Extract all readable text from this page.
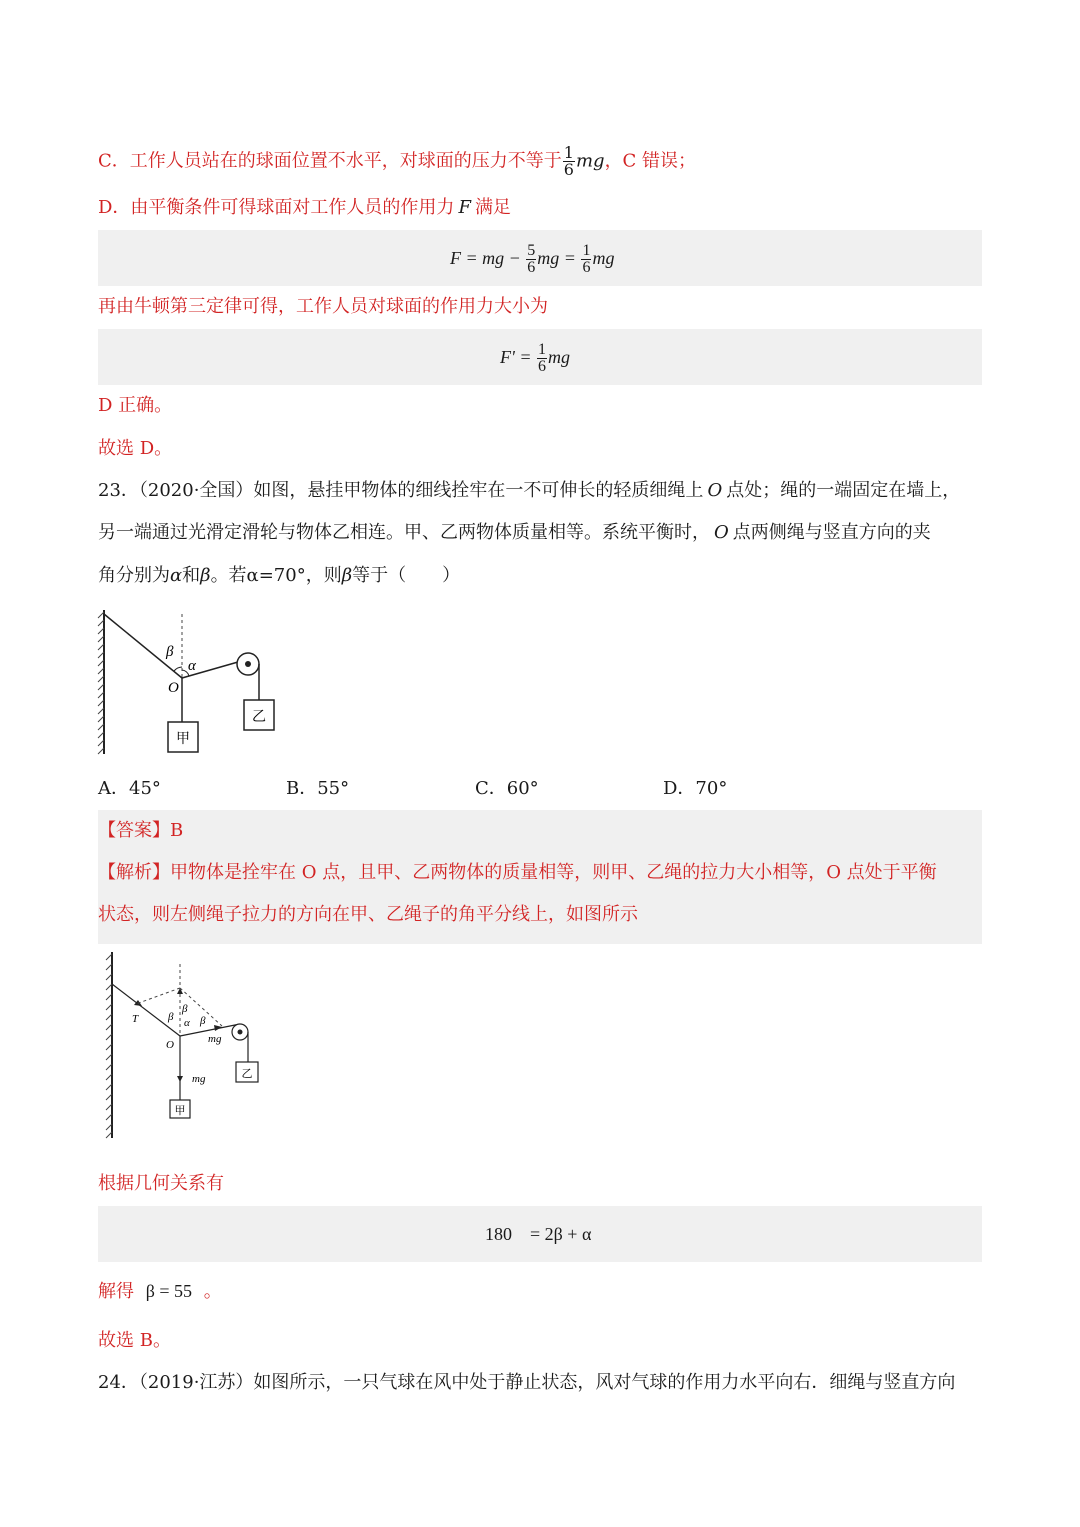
C．工作人员站在的球面位置不水平，对球面的压力不等于 $\frac{1}{6}$ mg，C 错误；
D．由平衡条件可得球面对工作人员的作用力 F 满足
F = mg − $\frac{5}{6}$ mg = $\frac{1}{6}$ mg
再由牛顿第三定律可得，工作人员对球面的作用力大小为
$F' = \frac{1}{6}$ mg
D 正确。
故选 D。
23．（2020·全国）如图，悬挂甲物体的细线拴牢在一不可伸长的轻质细绳上 O 点处；绳的一端固定在墙上，
另一端通过光滑定滑轮与物体乙相连。甲、乙两物体质量相等。系统平衡时， O 点两侧绳与竖直方向的夹
角分别为α和β。若α=70°，则β等于（　　）
β
α
O
乙
甲
A．45°	B．55°	C．60°	D．70°
【答案】B
【解析】甲物体是拴牢在 O 点，且甲、乙两物体的质量相等，则甲、乙绳的拉力大小相等，O 点处于平衡
状态，则左侧绳子拉力的方向在甲、乙绳子的角平分线上，如图所示
T
β
β α β
O	mg
mg	乙
甲
根据几何关系有
180　= 2β + α
解得 β = 55 。
故选 B。
24．（2019·江苏）如图所示，一只气球在风中处于静止状态，风对气球的作用力水平向右．细绳与竖直方向
